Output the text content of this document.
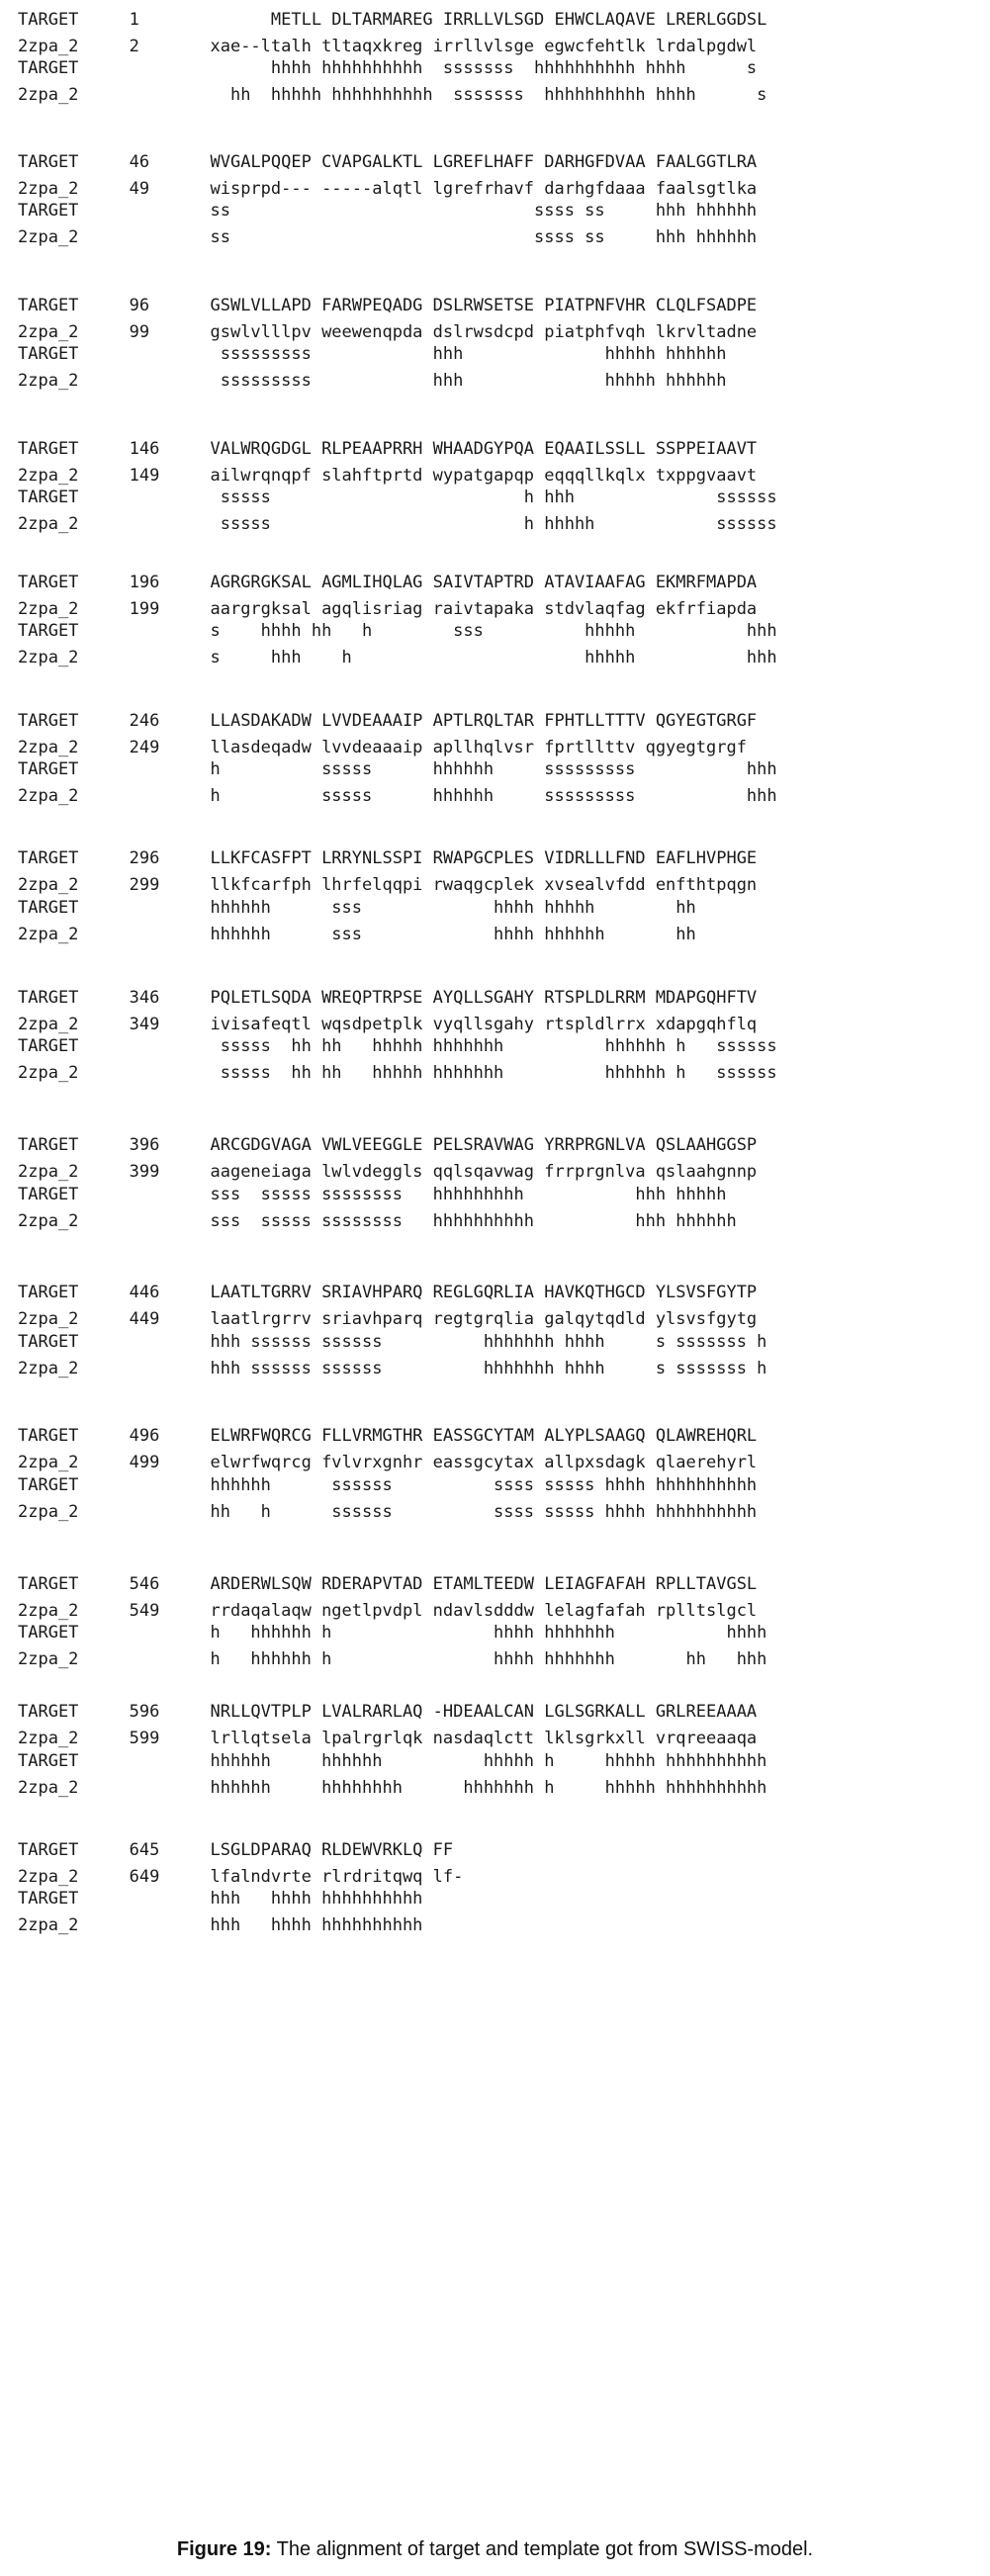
TARGET     1             METLL DLTARMAREG IRRLLVLSGD EHWCLAQAVE LRERLGGDSL
2zpa_2     2       xae--ltalh tltaqxkreg irrllvlsge egwcfehtlk lrdalpgdwl
TARGET	hhhh hhhhhhhhhh  sssssss  hhhhhhhhhh hhhh      s
2zpa_2	hh  hhhhh hhhhhhhhhh  sssssss  hhhhhhhhhh hhhh      s
TARGET     46      WVGALPQQEP CVAPGALKTL LGREFLHAFF DARHGFDVAA FAALGGTLRA
2zpa_2     49      wisprpd--- -----alqtl lgrefrhavf darhgfdaaa faalsgtlka
TARGET	ss                              ssss ss     hhh hhhhhh
2zpa_2	ss                              ssss ss     hhh hhhhhh
TARGET     96      GSWLVLLAPD FARWPEQADG DSLRWSETSE PIATPNFVHR CLQLFSADPE
2zpa_2     99      gswlvlllpv weewenqpda dslrwsdcpd piatphfvqh lkrvltadne
TARGET	sssssssss            hhh              hhhhh hhhhhh
2zpa_2	sssssssss            hhh              hhhhh hhhhhh
TARGET     146     VALWRQGDGL RLPEAAPRRH WHAADGYPQA EQAAILSSLL SSPPEIAAVT
2zpa_2     149     ailwrqnqpf slahftprtd wypatgapqp eqqqllkqlx txppgvaavt
TARGET	sssss                         h hhh              ssssss
2zpa_2	sssss                         h hhhhh            ssssss
TARGET     196     AGRGRGKSAL AGMLIHQLAG SAIVTAPTRD ATAVIAAFAG EKMRFMAPDA
2zpa_2     199     aargrgksal agqlisriag raivtapaka stdvlaqfag ekfrfiapda
TARGET	s    hhhh hh   h        sss          hhhhh           hhh
2zpa_2	s     hhh    h                       hhhhh           hhh
TARGET     246     LLASDAKADW LVVDEAAAIP APTLRQLTAR FPHTLLTTTV QGYEGTGRGF
2zpa_2     249     llasdeqadw lvvdeaaaip apllhqlvsr fprtllttv qgyegtgrgf
TARGET	h          sssss      hhhhhh     sssssssss           hhh
2zpa_2	h          sssss      hhhhhh     sssssssss           hhh
TARGET     296     LLKFCASFPT LRRYNLSSPI RWAPGCPLES VIDRLLLFND EAFLHVPHGE
2zpa_2     299     llkfcarfph lhrfelqqpi rwaqgcplek xvsealvfdd enfthtpqgn
TARGET	hhhhhh      sss             hhhh hhhhh        hh
2zpa_2	hhhhhh      sss             hhhh hhhhhh       hh
TARGET     346     PQLETLSQDA WREQPTRPSE AYQLLSGAHY RTSPLDLRRM MDAPGQHFTV
2zpa_2     349     ivisafeqtl wqsdpetplk vyqllsgahy rtspldlrrx xdapgqhflq
TARGET	sssss  hh hh   hhhhh hhhhhhh          hhhhhh h   ssssss
2zpa_2	sssss  hh hh   hhhhh hhhhhhh          hhhhhh h   ssssss
TARGET     396     ARCGDGVAGA VWLVEEGGLE PELSRAVWAG YRRPRGNLVA QSLAAHGGSP
2zpa_2     399     aageneiaga lwlvdeggls qqlsqavwag frrprgnlva qslaahgnnp
TARGET	sss  sssss ssssssss   hhhhhhhhh           hhh hhhhh
2zpa_2	sss  sssss ssssssss   hhhhhhhhhh          hhh hhhhhh
TARGET     446     LAATLTGRRV SRIAVHPARQ REGLGQRLIA HAVKQTHGCD YLSVSFGYTP
2zpa_2     449     laatlrgrrv sriavhparq regtgrqlia galqytqdld ylsvsfgytg
TARGET	hhh ssssss ssssss          hhhhhhh hhhh     s sssssss h
2zpa_2	hhh ssssss ssssss          hhhhhhh hhhh     s sssssss h
TARGET     496     ELWRFWQRCG FLLVRMGTHR EASSGCYTAM ALYPLSAAGQ QLAWREHQRL
2zpa_2     499     elwrfwqrcg fvlvrxgnhr eassgcytax allpxsdagk qlaerehyrl
TARGET	hhhhhh      ssssss          ssss sssss hhhh hhhhhhhhhh
2zpa_2	hh   h      ssssss          ssss sssss hhhh hhhhhhhhhh
TARGET     546     ARDERWLSQW RDERAPVTAD ETAMLTEEDW LEIAGFAFAH RPLLTAVGSL
2zpa_2     549     rrdaqalaqw ngetlpvdpl ndavlsdddw lelagfafah rplltslgcl
TARGET	h   hhhhhh h                hhhh hhhhhhh           hhhh
2zpa_2	h   hhhhhh h                hhhh hhhhhhh       hh   hhh
TARGET     596     NRLLQVTPLP LVALRARLAQ -HDEAALCAN LGLSGRKALL GRLREEAAAA
2zpa_2     599     lrllqtsela lpalrgrlqk nasdaqlctt lklsgrkxll vrqreeaaqa
TARGET	hhhhhh     hhhhhh          hhhhh h     hhhhh hhhhhhhhhh
2zpa_2	hhhhhh     hhhhhhhh      hhhhhhh h     hhhhh hhhhhhhhhh
TARGET     645     LSGLDPARAQ RLDEWVRKLQ FF
2zpa_2     649     lfalndvrte rlrdritqwq lf-
TARGET	hhh   hhhh hhhhhhhhhh
2zpa_2	hhh   hhhh hhhhhhhhhh
Figure 19: The alignment of target and template got from SWISS-model.
